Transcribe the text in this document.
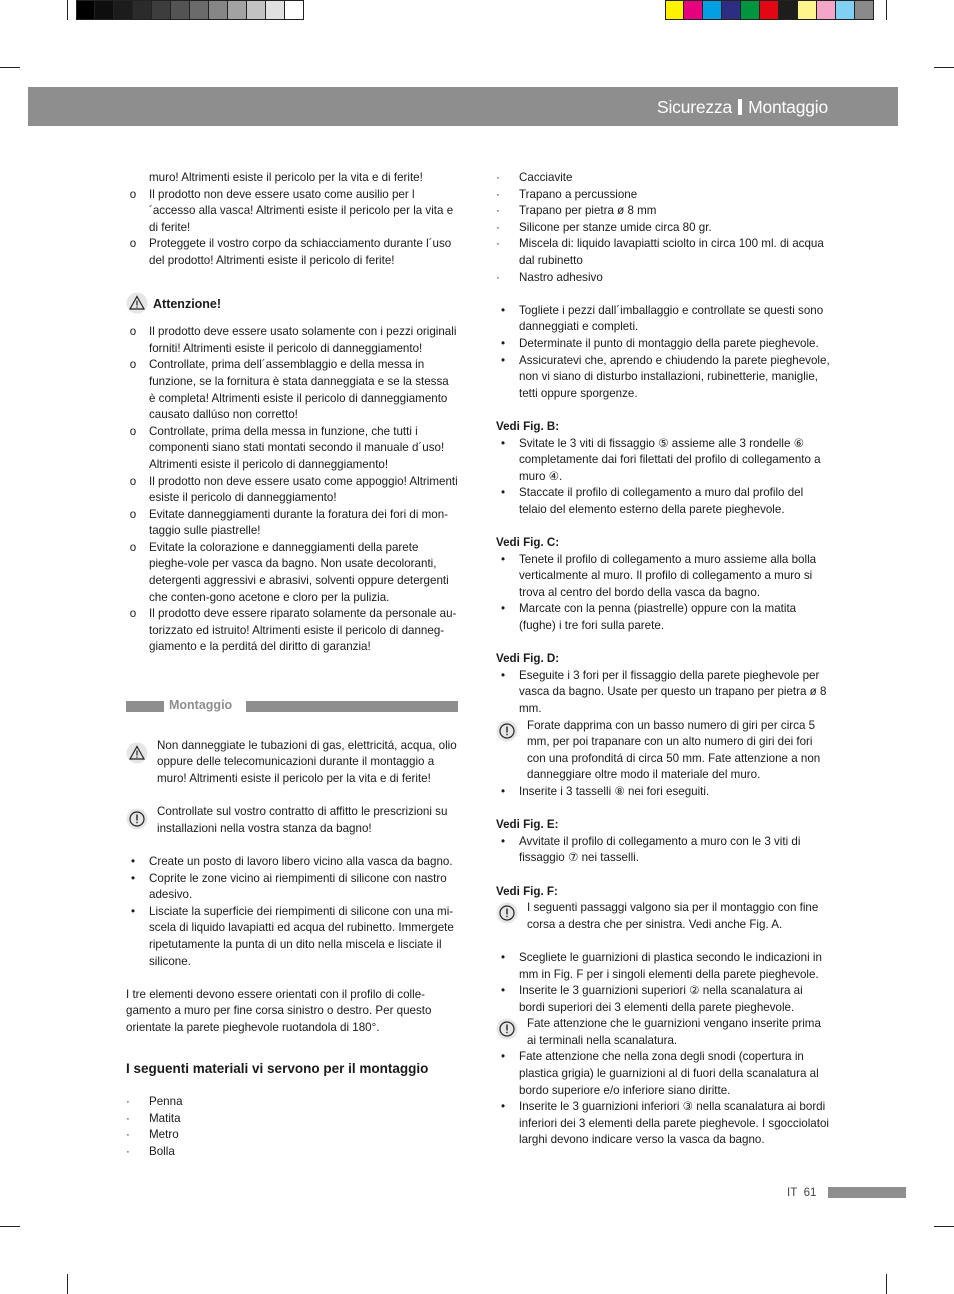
Sicurezza Montaggio

muro! Altrimenti esiste il pericolo per la vita e di ferite!

o	Il prodotto non deve essere usato come ausilio per l´accesso alla vasca! Altrimenti esiste il pericolo per la vita e di ferite!
o	Proteggete il vostro corpo da schiacciamento durante l´uso del prodotto! Altrimenti esiste il pericolo di ferite!
Attenzione!
o	Il prodotto deve essere usato solamente con i pezzi originali forniti! Altrimenti esiste il pericolo di danneggiamento!
o	Controllate, prima dell´assemblaggio e della messa in funzione, se la fornitura è stata danneggiata e se la stessa è completa! Altrimenti esiste il pericolo di danneggiamento causato dallúso non corretto!
o	Controllate, prima della messa in funzione, che tutti i componenti siano stati montati secondo il manuale d´uso! Altrimenti esiste il pericolo di danneggiamento!
o	Il prodotto non deve essere usato come appoggio! Altrimenti esiste il pericolo di danneggiamento!
o	Evitate danneggiamenti durante la foratura dei fori di mon-taggio sulle piastrelle!
o	Evitate la colorazione e danneggiamenti della parete pieghe-vole per vasca da bagno. Non usate decoloranti, detergenti aggressivi e abrasivi, solventi oppure detergenti che conten-gono acetone e cloro per la pulizia.
o	Il prodotto deve essere riparato solamente da personale au-torizzato ed istruito! Altrimenti esiste il pericolo di danneg-giamento e la perditá del diritto di garanzia!
Montaggio
Non danneggiate le tubazioni di gas, elettricitá, acqua, olio oppure delle telecomunicazioni durante il montaggio a muro! Altrimenti esiste il pericolo per la vita e di ferite!
Controllate sul vostro contratto di affitto le prescrizioni su installazioni nella vostra stanza da bagno!
•	Create un posto di lavoro libero vicino alla vasca da bagno.
•	Coprite le zone vicino ai riempimenti di silicone con nastro adesivo.
•	Lisciate la superficie dei riempimenti di silicone con una mi-scela di liquido lavapiatti ed acqua del rubinetto. Immergete ripetutamente la punta di un dito nella miscela e lisciate il silicone.

I tre elementi devono essere orientati con il profilo di colle-gamento a muro per fine corsa sinistro o destro. Per questo orientate la parete pieghevole ruotandola di 180°.

I seguenti materiali vi servono per il montaggio
·	Penna
·	Matita
·	Metro
·	Bolla
·	Cacciavite
·	Trapano a percussione
·	Trapano per pietra ø 8 mm
·	Silicone per stanze umide circa 80 gr.
·	Miscela di: liquido lavapiatti sciolto in circa 100 ml. di acqua dal rubinetto
·	Nastro adhesivo
•	Togliete i pezzi dall´imballaggio e controllate se questi sono danneggiati e completi.
•	Determinate il punto di montaggio della parete pieghevole.
•	Assicuratevi che, aprendo e chiudendo la parete pieghevole, non vi siano di disturbo installazioni, rubinetterie, maniglie, tetti oppure sporgenze.
Vedi Fig. B:
•	Svitate le 3 viti di fissaggio ⑤ assieme alle 3 rondelle ⑥ completamente dai fori filettati del profilo di collegamento a muro ④.
•	Staccate il profilo di collegamento a muro dal profilo del telaio del elemento esterno della parete pieghevole.
Vedi Fig. C:
•	Tenete il profilo di collegamento a muro assieme alla bolla verticalmente al muro. Il profilo di collegamento a muro si trova al centro del bordo della vasca da bagno.
•	Marcate con la penna (piastrelle) oppure con la matita (fughe) i tre fori sulla parete.
Vedi Fig. D:
•	Eseguite i 3 fori per il fissaggio della parete pieghevole per vasca da bagno. Usate per questo un trapano per pietra ø 8 mm.
Forate dapprima con un basso numero di giri per circa 5 mm, per poi trapanare con un alto numero di giri dei fori con una profonditá di circa 50 mm. Fate attenzione a non danneggiare oltre modo il materiale del muro.
•	Inserite i 3 tasselli ⑧ nei fori eseguiti.
Vedi Fig. E:
•	Avvitate il profilo di collegamento a muro con le 3 viti di fissaggio ⑦ nei tasselli.
Vedi Fig. F:
I seguenti passaggi valgono sia per il montaggio con fine corsa a destra che per sinistra. Vedi anche Fig. A.
•	Scegliete le guarnizioni di plastica secondo le indicazioni in mm in Fig. F per i singoli elementi della parete pieghevole.
•	Inserite le 3 guarnizioni superiori ② nella scanalatura ai bordi superiori dei 3 elementi della parete pieghevole.
Fate attenzione che le guarnizioni vengano inserite prima ai terminali nella scanalatura.
•	Fate attenzione che nella zona degli snodi (copertura in plastica grigia) le guarnizioni al di fuori della scanalatura al bordo superiore e/o inferiore siano diritte.
•	Inserite le 3 guarnizioni inferiori ③ nella scanalatura ai bordi inferiori dei 3 elementi della parete pieghevole. I sgocciolatoi larghi devono indicare verso la vasca da bagno.
IT 61
